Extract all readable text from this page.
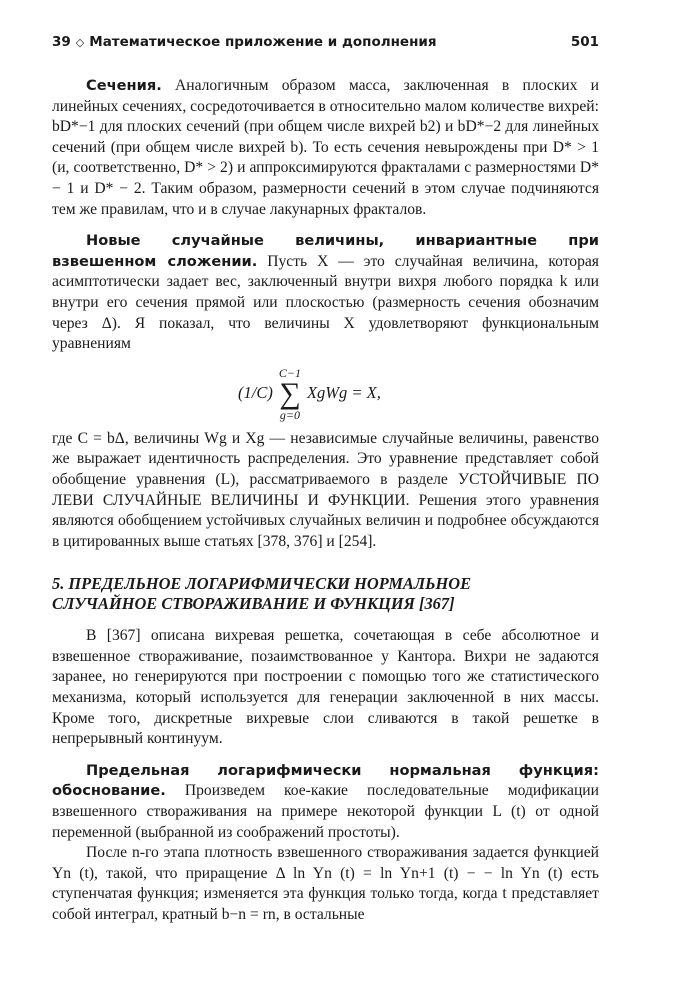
39 ◇ Математическое приложение и дополнения	501

Сечения. Аналогичным образом масса, заключенная в плоских и линейных сечениях, сосредоточивается в относительно малом количестве вихрей: bD*−1 для плоских сечений (при общем числе вихрей b2) и bD*−2 для линейных сечений (при общем числе вихрей b). То есть сечения невырождены при D* > 1 (и, соответственно, D* > 2) и аппроксимируются фракталами с размерностями D* − 1 и D* − 2. Таким образом, размерности сечений в этом случае подчиняются тем же правилам, что и в случае лакунарных фракталов.

Новые случайные величины, инвариантные при взвешенном сложении. Пусть X — это случайная величина, которая асимптотически задает вес, заключенный внутри вихря любого порядка k или внутри его сечения прямой или плоскостью (размерность сечения обозначим через Δ). Я показал, что величины X удовлетворяют функциональным уравнениям

(1/C)
C−1
∑
g=0
XgWg = X,

где C = bΔ, величины Wg и Xg — независимые случайные величины, равенство же выражает идентичность распределения. Это уравнение представляет собой обобщение уравнения (L), рассматриваемого в разделе УСТОЙЧИВЫЕ ПО ЛЕВИ СЛУЧАЙНЫЕ ВЕЛИЧИНЫ И ФУНКЦИИ. Решения этого уравнения являются обобщением устойчивых случайных величин и подробнее обсуждаются в цитированных выше статьях [378, 376] и [254].

5. ПРЕДЕЛЬНОЕ ЛОГАРИФМИЧЕСКИ НОРМАЛЬНОЕ
СЛУЧАЙНОЕ СТВОРАЖИВАНИЕ И ФУНКЦИЯ [367]

В [367] описана вихревая решетка, сочетающая в себе абсолютное и взвешенное створаживание, позаимствованное у Кантора. Вихри не задаются заранее, но генерируются при построении с помощью того же статистического механизма, который используется для генерации заключенной в них массы. Кроме того, дискретные вихревые слои сливаются в такой решетке в непрерывный континуум.

Предельная логарифмически нормальная функция: обоснование. Произведем кое-какие последовательные модификации взвешенного створаживания на примере некоторой функции L (t) от одной переменной (выбранной из соображений простоты).

После n-го этапа плотность взвешенного створаживания задается функцией Yn (t), такой, что приращение Δ ln Yn (t) = ln Yn+1 (t) − − ln Yn (t) есть ступенчатая функция; изменяется эта функция только тогда, когда t представляет собой интеграл, кратный b−n = rn, в остальные
